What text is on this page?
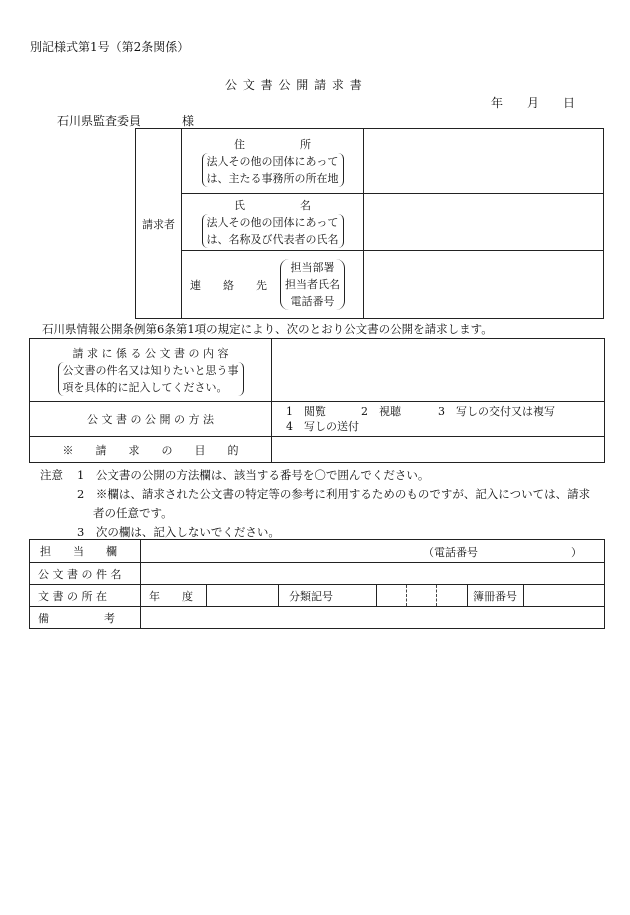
別記様式第1号（第2条関係）
公 文 書 公 開 請 求 書
年 月 日
石川県監査委員	様
請求者	住　　　　　所
法人その他の団体にあって
は、主たる事務所の所在地	

	氏　　　　　名
法人その他の団体にあって
は、名称及び代表者の氏名	

	連　　絡　　先
担当部署
担当者氏名
電話番号	

石川県情報公開条例第6条第1項の規定により、次のとおり公文書の公開を請求します。
請 求 に 係 る 公 文 書 の 内 容
公文書の件名又は知りたいと思う事
項を具体的に記入してください。	

公 文 書 の 公 開 の 方 法	1　閲覧 2　視聴 3　写しの交付又は複写
4　写しの送付

※　　請　　求　　の　　目　　的	
注意 1　公文書の公開の方法欄は、該当する番号を〇で囲んでください。
2　※欄は、請求された公文書の特定等の参考に利用するためのものですが、記入については、請求
者の任意です。
3　次の欄は、記入しないでください。
担　　当　　欄	（電話番号 ）							

公 文 書 の 件 名								
文 書 の 所 在	年　　度		分類記号				簿冊番号	
備　　　　　考								
